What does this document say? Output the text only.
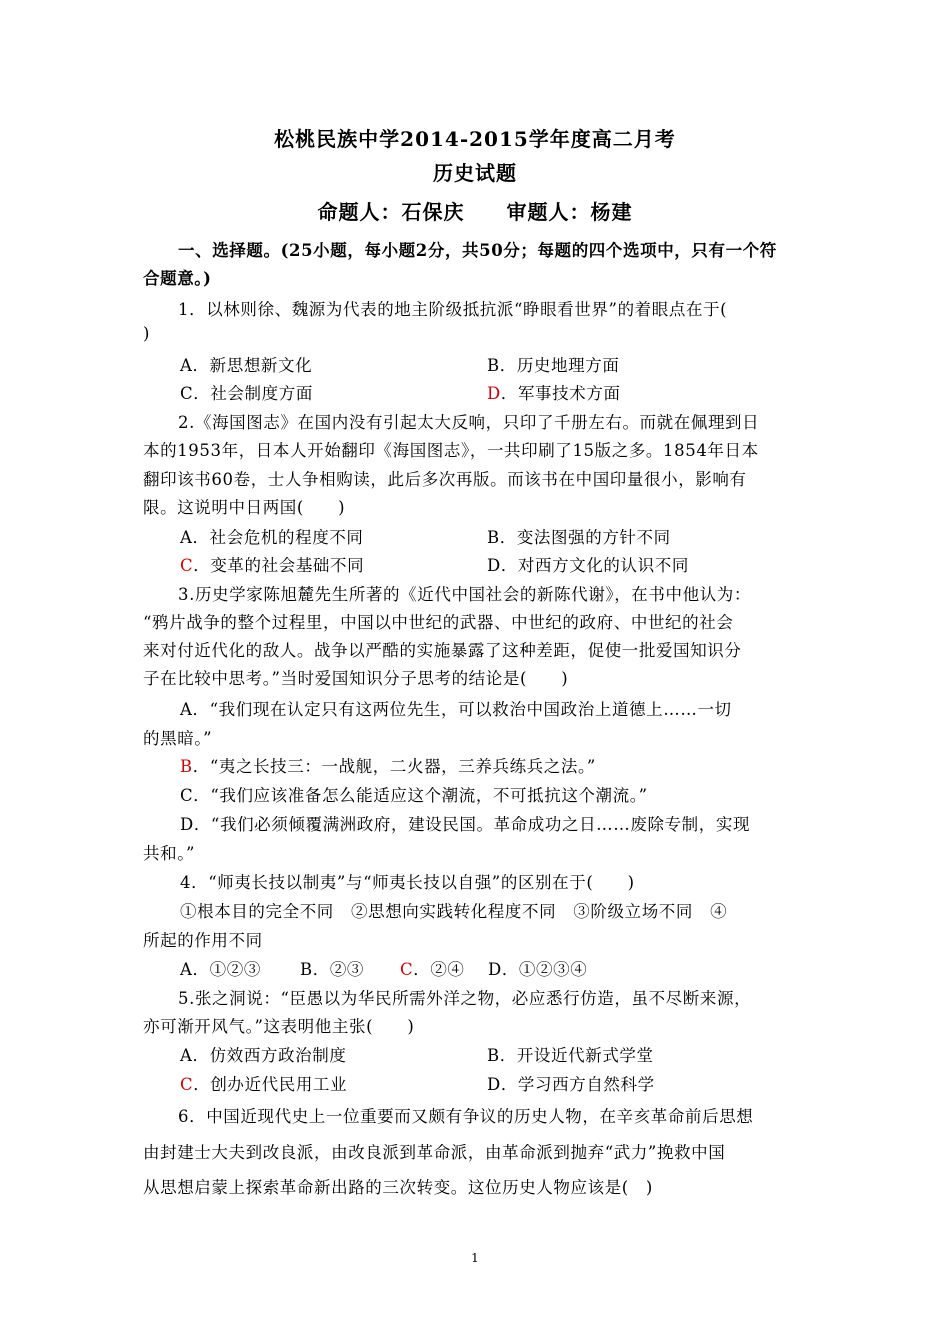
松桃民族中学2014-2015学年度高二月考
历史试题
命题人：石保庆　　审题人：杨建
一、选择题。(25小题，每小题2分，共50分；每题的四个选项中，只有一个符
合题意。)
1．以林则徐、魏源为代表的地主阶级抵抗派“睁眼看世界”的着眼点在于(
)
A．新思想新文化	B．历史地理方面
C．社会制度方面	D．军事技术方面
2.《海国图志》在国内没有引起太大反响，只印了千册左右。而就在佩理到日
本的1953年，日本人开始翻印《海国图志》，一共印刷了15版之多。1854年日本
翻印该书60卷，士人争相购读，此后多次再版。而该书在中国印量很小，影响有
限。这说明中日两国(　　)
A．社会危机的程度不同	B．变法图强的方针不同
C．变革的社会基础不同	D．对西方文化的认识不同
3.历史学家陈旭麓先生所著的《近代中国社会的新陈代谢》，在书中他认为：
“鸦片战争的整个过程里，中国以中世纪的武器、中世纪的政府、中世纪的社会
来对付近代化的敌人。战争以严酷的实施暴露了这种差距，促使一批爱国知识分
子在比较中思考。”当时爱国知识分子思考的结论是(　　)
A．“我们现在认定只有这两位先生，可以救治中国政治上道德上……一切
的黑暗。”
B．“夷之长技三：一战舰，二火器，三养兵练兵之法。”
C．“我们应该准备怎么能适应这个潮流，不可抵抗这个潮流。”
D．“我们必须倾覆满洲政府，建设民国。革命成功之日……废除专制，实现
共和。”
4．“师夷长技以制夷”与“师夷长技以自强”的区别在于(　　)
①根本目的完全不同　②思想向实践转化程度不同　③阶级立场不同　④
所起的作用不同
A．①②③ B．②③ C．②④ D．①②③④
5.张之洞说：“臣愚以为华民所需外洋之物，必应悉行仿造，虽不尽断来源，
亦可渐开风气。”这表明他主张(　　)
A．仿效西方政治制度	B．开设近代新式学堂
C．创办近代民用工业	D．学习西方自然科学
6．中国近现代史上一位重要而又颇有争议的历史人物，在辛亥革命前后思想
由封建士大夫到改良派，由改良派到革命派，由革命派到抛弃“武力”挽救中国
从思想启蒙上探索革命新出路的三次转变。这位历史人物应该是(　)
1
